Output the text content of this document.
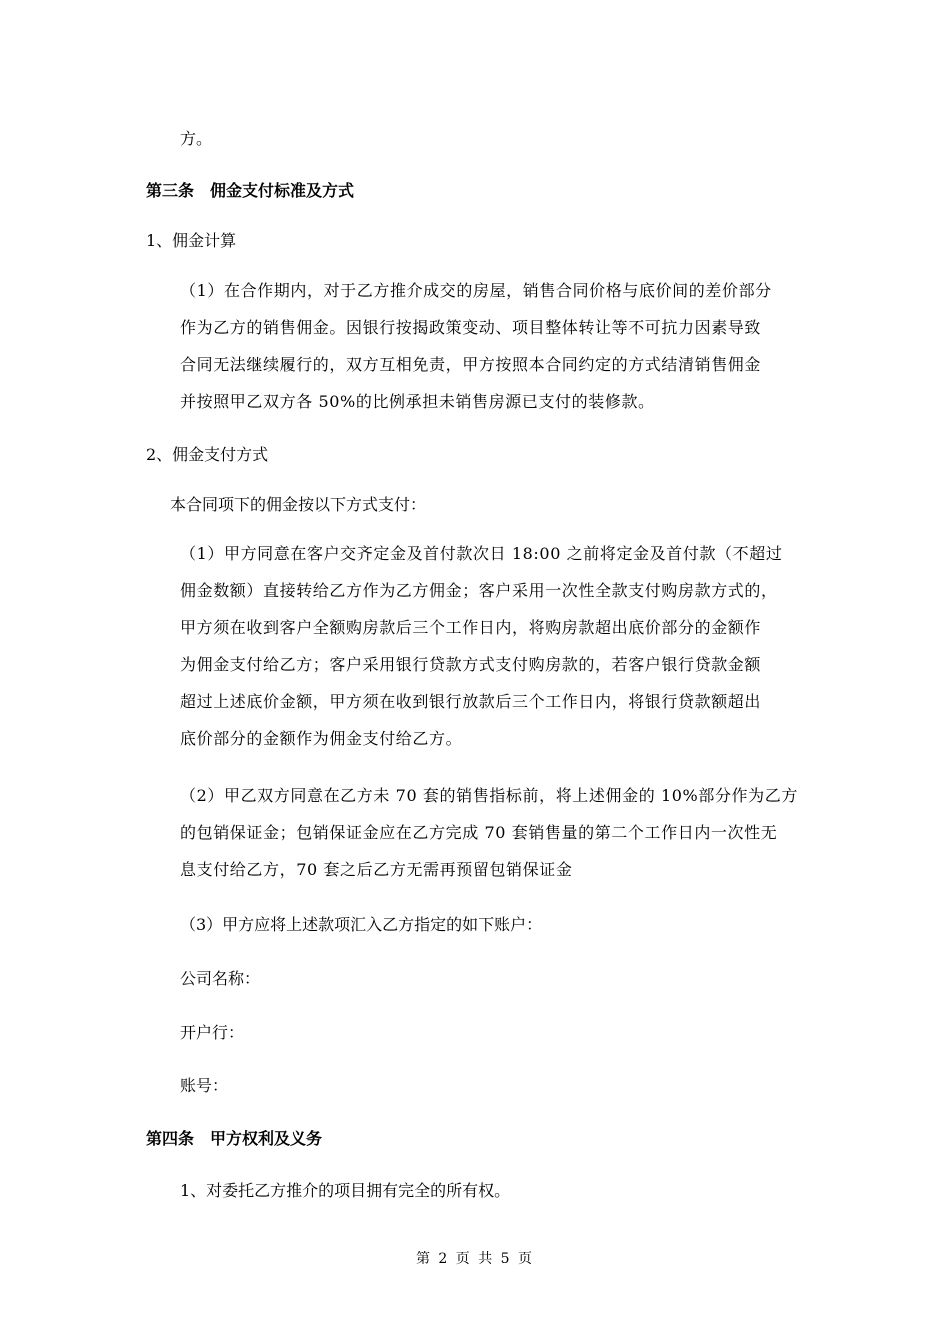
方。
第三条　佣金支付标准及方式
1、佣金计算
（1）在合作期内，对于乙方推介成交的房屋，销售合同价格与底价间的差价部分
作为乙方的销售佣金。因银行按揭政策变动、项目整体转让等不可抗力因素导致
合同无法继续履行的，双方互相免责，甲方按照本合同约定的方式结清销售佣金
并按照甲乙双方各 50%的比例承担未销售房源已支付的装修款。
2、佣金支付方式
本合同项下的佣金按以下方式支付：
（1）甲方同意在客户交齐定金及首付款次日 18:00 之前将定金及首付款（不超过
佣金数额）直接转给乙方作为乙方佣金；客户采用一次性全款支付购房款方式的，
甲方须在收到客户全额购房款后三个工作日内，将购房款超出底价部分的金额作
为佣金支付给乙方；客户采用银行贷款方式支付购房款的，若客户银行贷款金额
超过上述底价金额，甲方须在收到银行放款后三个工作日内，将银行贷款额超出
底价部分的金额作为佣金支付给乙方。
（2）甲乙双方同意在乙方未 70 套的销售指标前，将上述佣金的 10%部分作为乙方
的包销保证金；包销保证金应在乙方完成 70 套销售量的第二个工作日内一次性无
息支付给乙方，70 套之后乙方无需再预留包销保证金
（3）甲方应将上述款项汇入乙方指定的如下账户：
公司名称：
开户行：
账号：
第四条　甲方权利及义务
1、对委托乙方推介的项目拥有完全的所有权。
第 2 页 共 5 页
